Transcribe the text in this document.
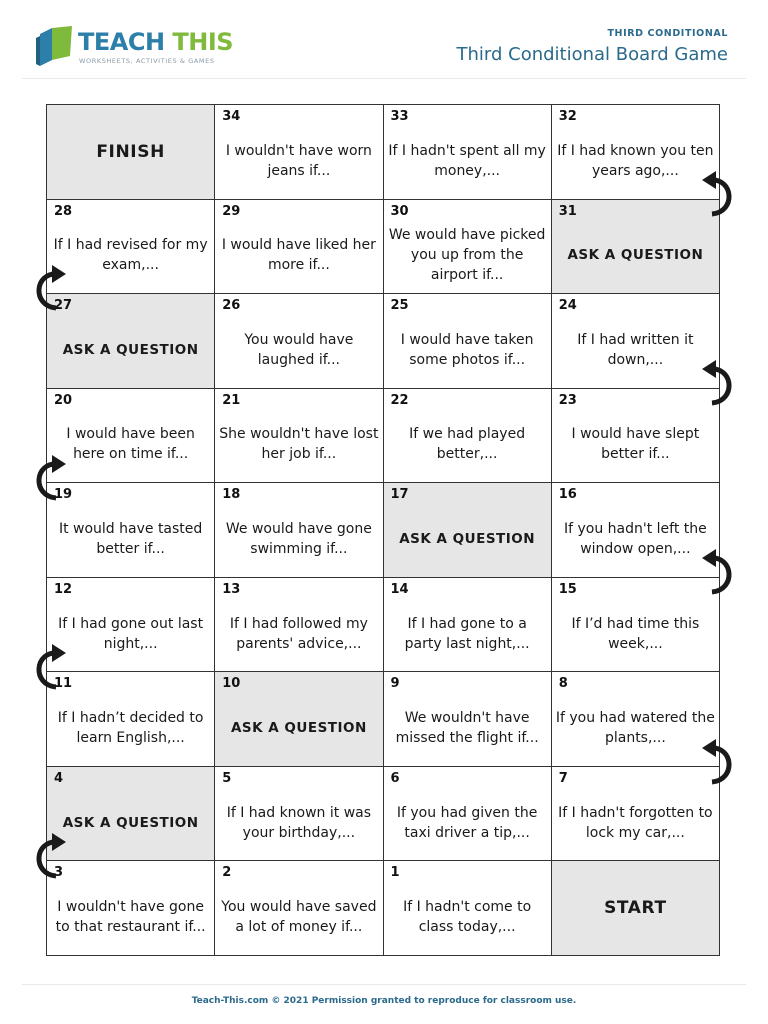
TEACH THIS
WORKSHEETS, ACTIVITIES & GAMES
THIRD CONDITIONAL
Third Conditional Board Game
FINISH
34
I wouldn't have worn jeans if...
33
If I hadn't spent all my money,...
32
If I had known you ten years ago,...
28
If I had revised for my exam,...
29
I would have liked her more if...
30
We would have picked you up from the airport if...
31
ASK A QUESTION
27
ASK A QUESTION
26
You would have laughed if...
25
I would have taken some photos if...
24
If I had written it down,...
20
I would have been here on time if...
21
She wouldn't have lost her job if...
22
If we had played better,...
23
I would have slept better if...
19
It would have tasted better if...
18
We would have gone swimming if...
17
ASK A QUESTION
16
If you hadn't left the window open,...
12
If I had gone out last night,...
13
If I had followed my parents' advice,...
14
If I had gone to a party last night,...
15
If I’d had time this week,...
11
If I hadn’t decided to learn English,...
10
ASK A QUESTION
9
We wouldn't have missed the flight if...
8
If you had watered the plants,...
4
ASK A QUESTION
5
If I had known it was your birthday,...
6
If you had given the taxi driver a tip,...
7
If I hadn't forgotten to lock my car,...
3
I wouldn't have gone to that restaurant if...
2
You would have saved a lot of money if...
1
If I hadn't come to class today,...
START
Teach-This.com © 2021 Permission granted to reproduce for classroom use.
